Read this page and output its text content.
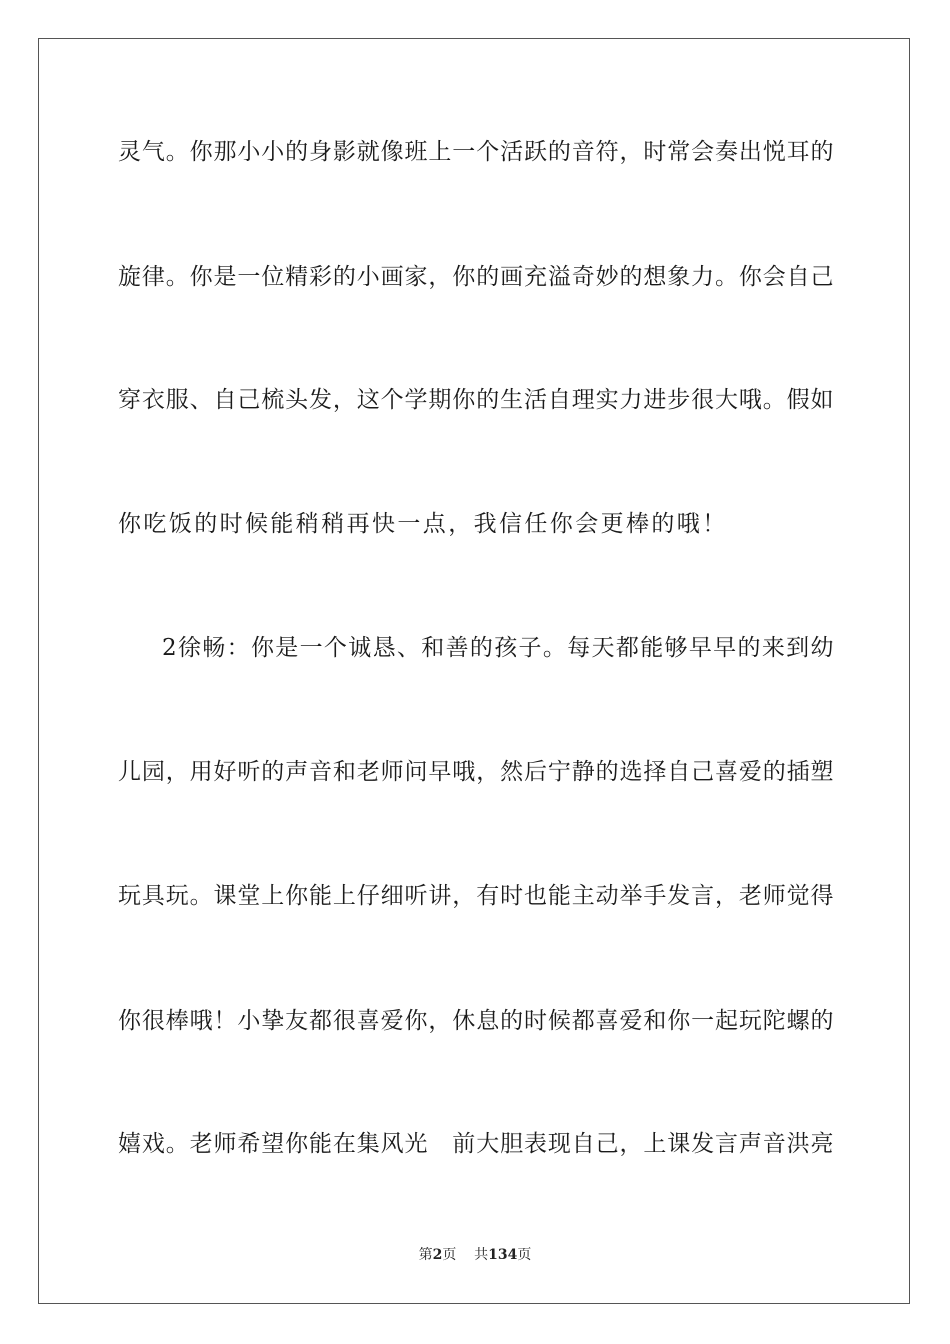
灵气。你那小小的身影就像班上一个活跃的音符，时常会奏出悦耳的
旋律。你是一位精彩的小画家，你的画充溢奇妙的想象力。你会自己
穿衣服、自己梳头发，这个学期你的生活自理实力进步很大哦。假如
你吃饭的时候能稍稍再快一点，我信任你会更棒的哦！
2徐畅：你是一个诚恳、和善的孩子。每天都能够早早的来到幼
儿园，用好听的声音和老师问早哦，然后宁静的选择自己喜爱的插塑
玩具玩。课堂上你能上仔细听讲，有时也能主动举手发言，老师觉得
你很棒哦！小挚友都很喜爱你，休息的时候都喜爱和你一起玩陀螺的
嬉戏。老师希望你能在集风光　前大胆表现自己，上课发言声音洪亮
第2页 共134页
